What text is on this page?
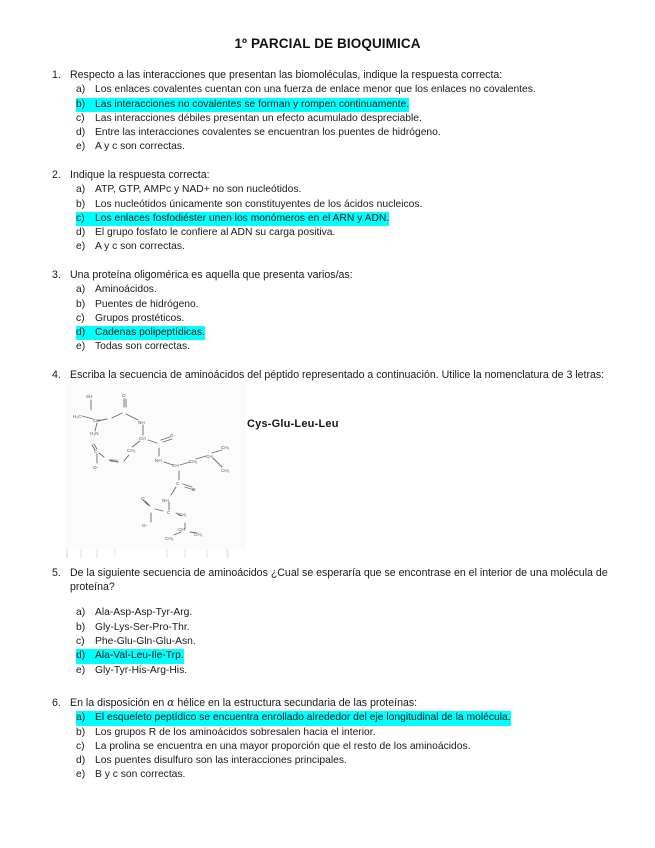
1º PARCIAL DE BIOQUIMICA
1. Respecto a las interacciones que presentan las biomoléculas, indique la respuesta correcta:
a) Los enlaces covalentes cuentan con una fuerza de enlace menor que los enlaces no covalentes.
b) Las interacciones no covalentes se forman y rompen continuamente.
c)	Las interacciones débiles presentan un efecto acumulado despreciable.
d) Entre las interacciones covalentes se encuentran los puentes de hidrógeno.
e) A y c son correctas.
2. Indique la respuesta correcta:
a) ATP, GTP, AMPc y NAD+ no son nucleótidos.
b) Los nucleótidos únicamente son constituyentes de los ácidos nucleicos.
c)	Los enlaces fosfodiéster unen los monómeros en el ARN y ADN.
d) El grupo fosfato le confiere al ADN su carga positiva.
e) A y c son correctas.
3. Una proteína oligomérica es aquella que presenta varios/as:
a) Aminoácidos.
b) Puentes de hidrógeno.
c)	Grupos prostéticos.
d) Cadenas polipeptídicas.
e) Todas son correctas.
4. Escriba la secuencia de aminoácidos del péptido representado a continuación. Utilice la nomenclatura de 3 letras:
SH
H₂C
CH
H₃N
O
NH
CH
CH₂
CH₂
C
O-
O
NH
CH
CH₂
CH
CH₃
CH₃
C
O
NH
C
O
O-
CH₂
CH
CH₃
CH₃
Cys-Glu-Leu-Leu
5. De la siguiente secuencia de aminoácidos ¿Cual se esperaría que se encontrase en el interior de una molécula de proteína?
a) Ala-Asp-Asp-Tyr-Arg.
b) Gly-Lys-Ser-Pro-Thr.
c)	Phe-Glu-Gln-Glu-Asn.
d) Ala-Val-Leu-Ile-Trp.
e) Gly-Tyr-His-Arg-His.
6. En la disposición en α hélice en la estructura secundaria de las proteínas:
a) El esqueleto peptídico se encuentra enrollado alrededor del eje longitudinal de la molécula.
b) Los grupos R de los aminoácidos sobresalen hacia el interior.
c)	La prolina se encuentra en una mayor proporción que el resto de los aminoácidos.
d) Los puentes disulfuro son las interacciones principales.
e) B y c son correctas.
